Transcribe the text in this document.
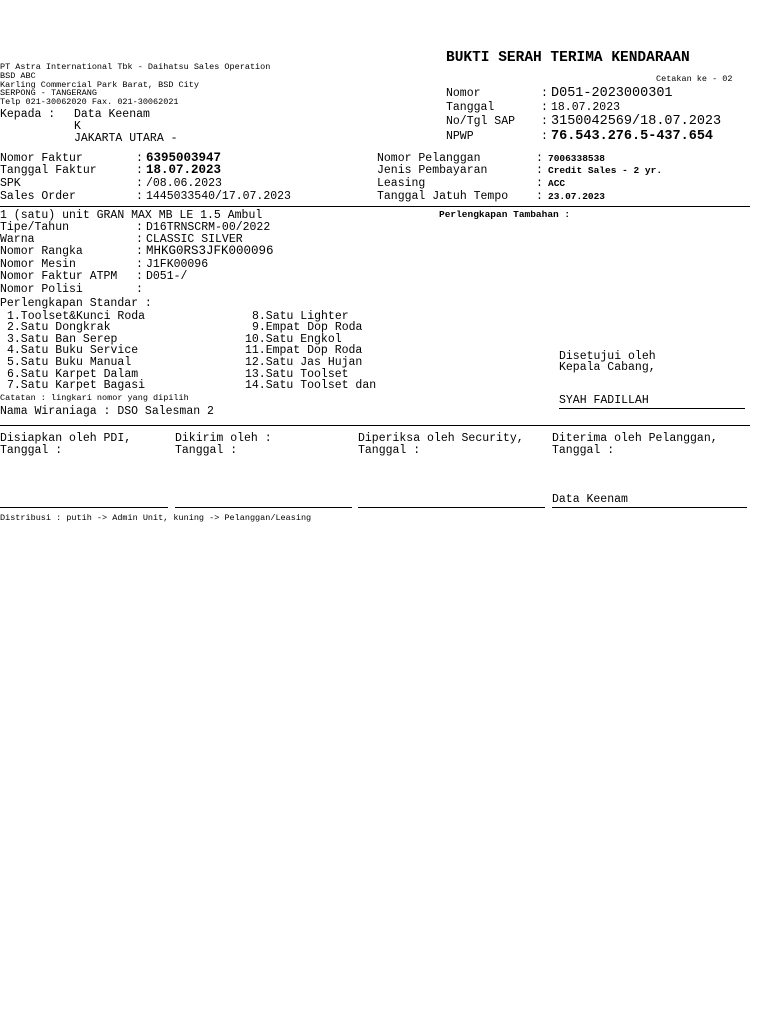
BUKTI SERAH TERIMA KENDARAAN
Cetakan ke - 02
PT Astra International Tbk - Daihatsu Sales Operation
BSD ABC
Karling Commercial Park Barat, BSD City
SERPONG - TANGERANG
Telp 021-30062020 Fax. 021-30062021
Kepada : Data Keenam
K
JAKARTA UTARA -
Nomor	: D051-2023000301
Tanggal	: 18.07.2023
No/Tgl SAP : 3150042569/18.07.2023
NPWP	: 76.543.276.5-437.654
Nomor Faktur	: 6395003947
Tanggal Faktur	: 18.07.2023
SPK	: /08.06.2023
Sales Order	: 1445033540/17.07.2023
Nomor Pelanggan	: 7006338538
Jenis Pembayaran	: Credit Sales - 2 yr.
Leasing	: ACC
Tanggal Jatuh Tempo : 23.07.2023
1 (satu) unit GRAN MAX MB LE 1.5 Ambul	Perlengkapan Tambahan :
Tipe/Tahun	: D16TRNSCRM-00/2022
Warna	: CLASSIC SILVER
Nomor Rangka	: MHKG0RS3JFK000096
Nomor Mesin	: J1FK00096
Nomor Faktur ATPM : D051-/
Nomor Polisi	:
Perlengkapan Standar :
1.Toolset&Kunci Roda
2.Satu Dongkrak
3.Satu Ban Serep
4.Satu Buku Service
5.Satu Buku Manual
6.Satu Karpet Dalam
7.Satu Karpet Bagasi
8.Satu Lighter
9.Empat Dop Roda
10.Satu Engkol
11.Empat Dop Roda
12.Satu Jas Hujan
13.Satu Toolset
14.Satu Toolset dan
Catatan : lingkari nomor yang dipilih
Nama Wiraniaga : DSO Salesman 2
Disetujui oleh
Kepala Cabang,
SYAH FADILLAH
Disiapkan oleh PDI,
Tanggal :
Dikirim oleh :
Tanggal :
Diperiksa oleh Security,
Tanggal :
Diterima oleh Pelanggan,
Tanggal :
Data Keenam
Distribusi : putih -> Admin Unit, kuning -> Pelanggan/Leasing
